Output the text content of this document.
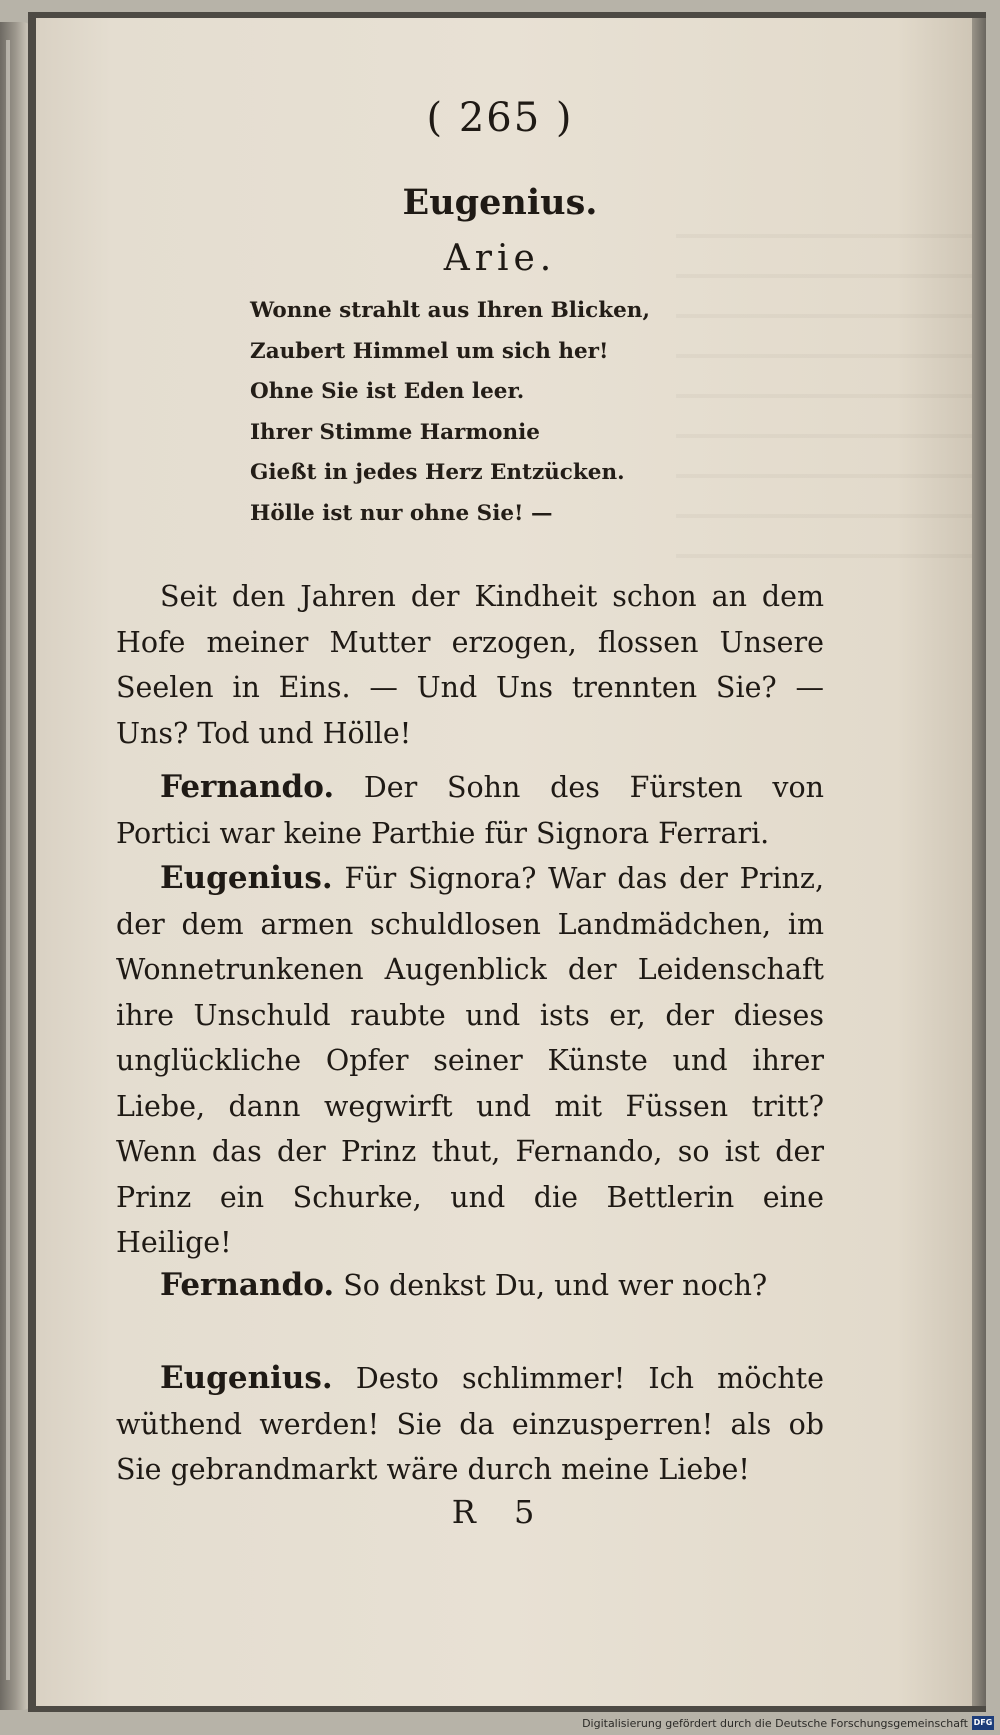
( 265 )
Eugenius.
Arie.
Wonne strahlt aus Ihren Blicken,
Zaubert Himmel um sich her!
Ohne Sie ist Eden leer.
Ihrer Stimme Harmonie
Gießt in jedes Herz Entzücken.
Hölle ist nur ohne Sie! —
Seit den Jahren der Kindheit schon an dem Hofe meiner Mutter erzogen, flossen Unsere Seelen in Eins. — Und Uns trennten Sie? — Uns? Tod und Hölle!
Fernando. Der Sohn des Fürsten von Portici war keine Parthie für Signora Ferrari.
Eugenius. Für Signora? War das der Prinz, der dem armen schuldlosen Landmädchen, im Wonnetrunkenen Augenblick der Leidenschaft ihre Unschuld raubte und ists er, der dieses unglückliche Opfer seiner Künste und ihrer Liebe, dann wegwirft und mit Füssen tritt? Wenn das der Prinz thut, Fernando, so ist der Prinz ein Schurke, und die Bettlerin eine Heilige!
Fernando. So denkst Du, und wer noch?
Eugenius. Desto schlimmer! Ich möchte wüthend werden! Sie da einzusperren! als ob Sie gebrandmarkt wäre durch meine Liebe!
R 5
Digitalisierung gefördert durch die Deutsche Forschungsgemeinschaft DFG
